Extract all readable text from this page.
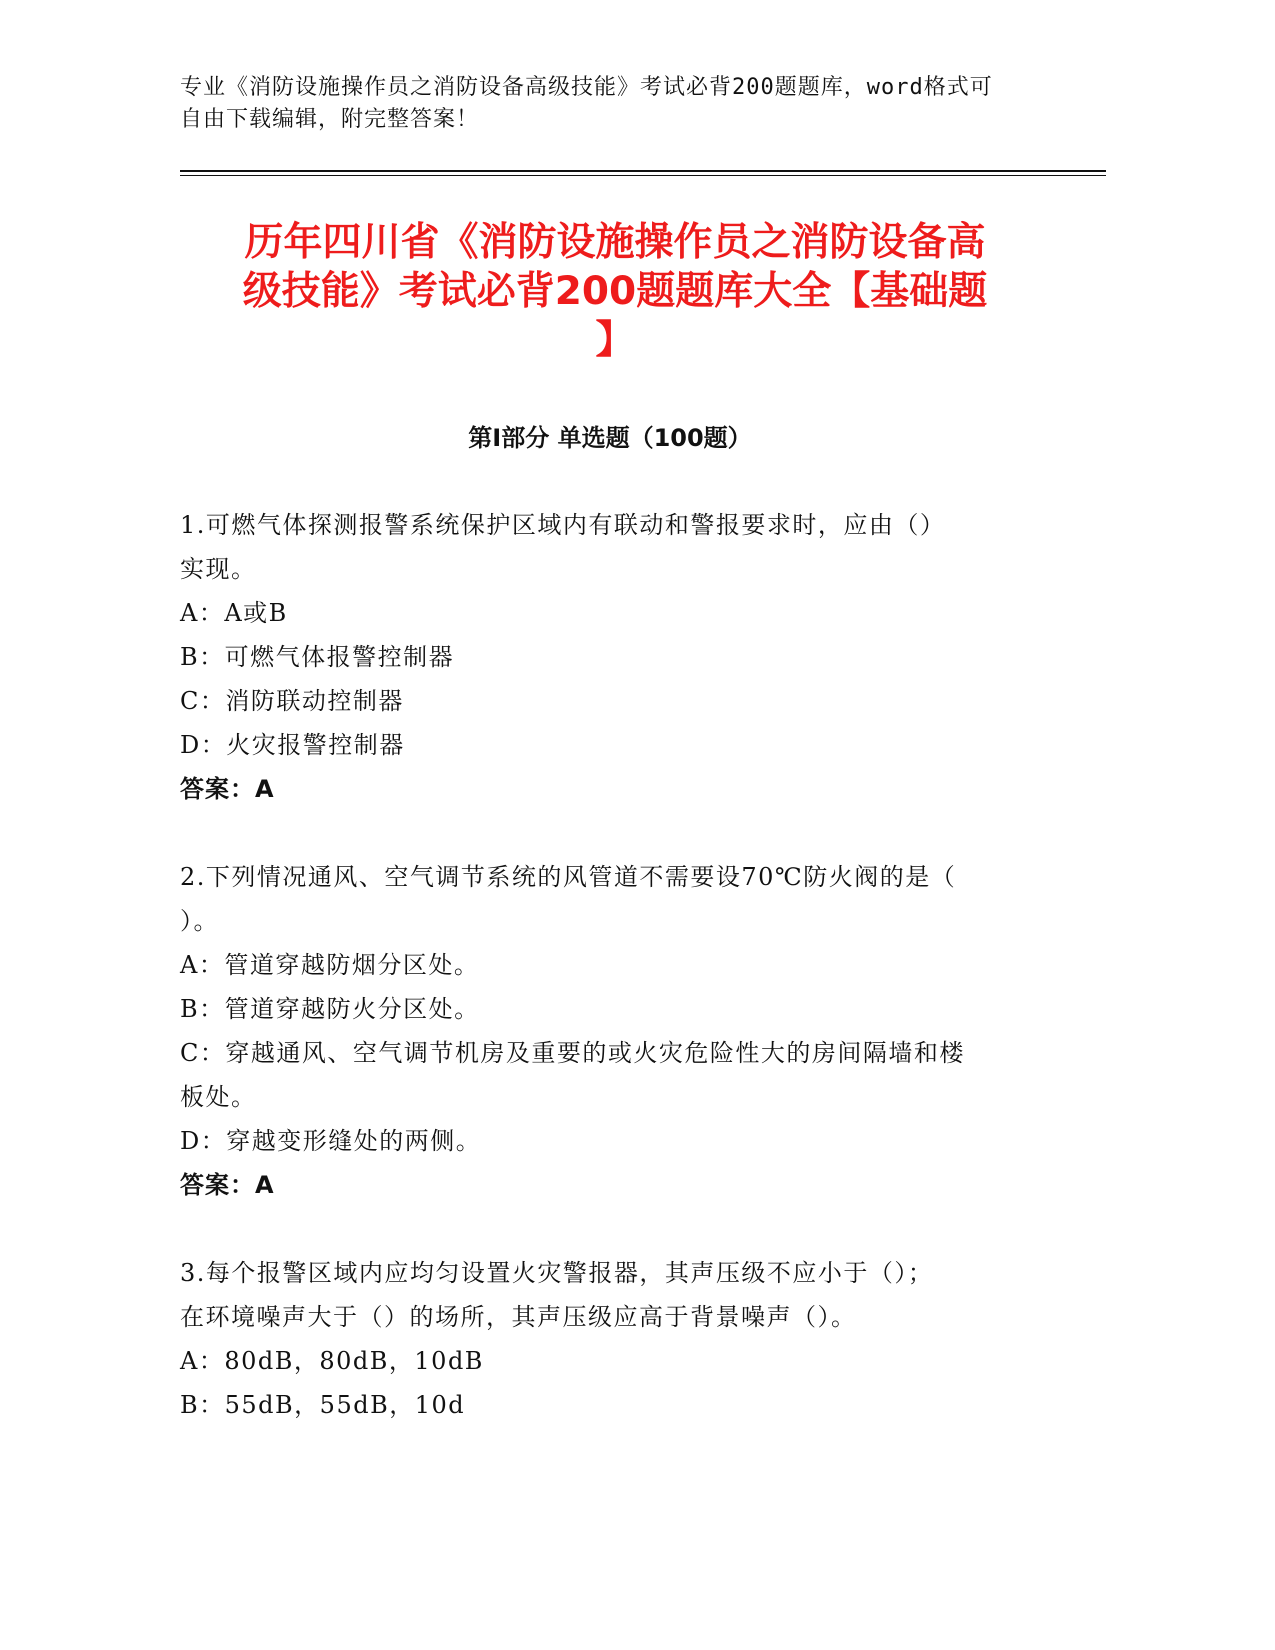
专业《消防设施操作员之消防设备高级技能》考试必背200题题库，word格式可
自由下载编辑，附完整答案！
历年四川省《消防设施操作员之消防设备高
级技能》考试必背200题题库大全【基础题
】
第I部分 单选题（100题）
1.可燃气体探测报警系统保护区域内有联动和警报要求时，应由（）
实现。
A：A或B
B：可燃气体报警控制器
C：消防联动控制器
D：火灾报警控制器
答案：A
2.下列情况通风、空气调节系统的风管道不需要设70℃防火阀的是（
）。
A：管道穿越防烟分区处。
B：管道穿越防火分区处。
C：穿越通风、空气调节机房及重要的或火灾危险性大的房间隔墙和楼
板处。
D：穿越变形缝处的两侧。
答案：A
3.每个报警区域内应均匀设置火灾警报器，其声压级不应小于（）；
在环境噪声大于（）的场所，其声压级应高于背景噪声（）。
A：80dB，80dB，10dB
B：55dB，55dB，10d
